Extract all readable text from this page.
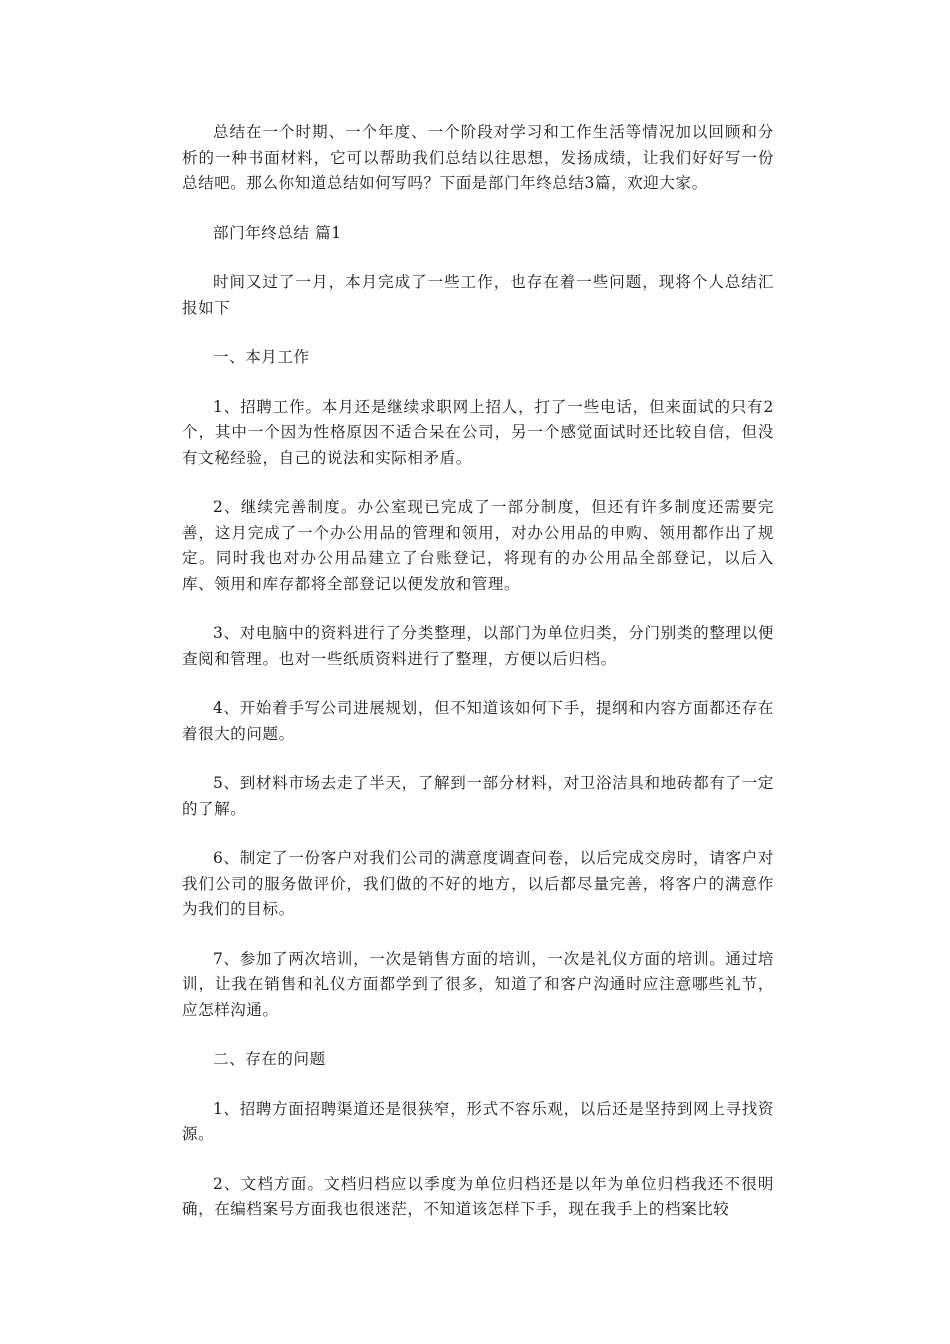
总结在一个时期、一个年度、一个阶段对学习和工作生活等情况加以回顾和分析的一种书面材料，它可以帮助我们总结以往思想，发扬成绩，让我们好好写一份总结吧。那么你知道总结如何写吗？下面是部门年终总结3篇，欢迎大家。

部门年终总结 篇1

时间又过了一月，本月完成了一些工作，也存在着一些问题，现将个人总结汇报如下

一、本月工作

1、招聘工作。本月还是继续求职网上招人，打了一些电话，但来面试的只有2个，其中一个因为性格原因不适合呆在公司，另一个感觉面试时还比较自信，但没有文秘经验，自己的说法和实际相矛盾。

2、继续完善制度。办公室现已完成了一部分制度，但还有许多制度还需要完善，这月完成了一个办公用品的管理和领用，对办公用品的申购、领用都作出了规定。同时我也对办公用品建立了台账登记，将现有的办公用品全部登记，以后入库、领用和库存都将全部登记以便发放和管理。

3、对电脑中的资料进行了分类整理，以部门为单位归类，分门别类的整理以便查阅和管理。也对一些纸质资料进行了整理，方便以后归档。

4、开始着手写公司进展规划，但不知道该如何下手，提纲和内容方面都还存在着很大的问题。

5、到材料市场去走了半天，了解到一部分材料，对卫浴洁具和地砖都有了一定的了解。

6、制定了一份客户对我们公司的满意度调查问卷，以后完成交房时，请客户对我们公司的服务做评价，我们做的不好的地方，以后都尽量完善，将客户的满意作为我们的目标。

7、参加了两次培训，一次是销售方面的培训，一次是礼仪方面的培训。通过培训，让我在销售和礼仪方面都学到了很多，知道了和客户沟通时应注意哪些礼节，应怎样沟通。

二、存在的问题

1、招聘方面招聘渠道还是很狭窄，形式不容乐观，以后还是坚持到网上寻找资源。

2、文档方面。文档归档应以季度为单位归档还是以年为单位归档我还不很明确，在编档案号方面我也很迷茫，不知道该怎样下手，现在我手上的档案比较
